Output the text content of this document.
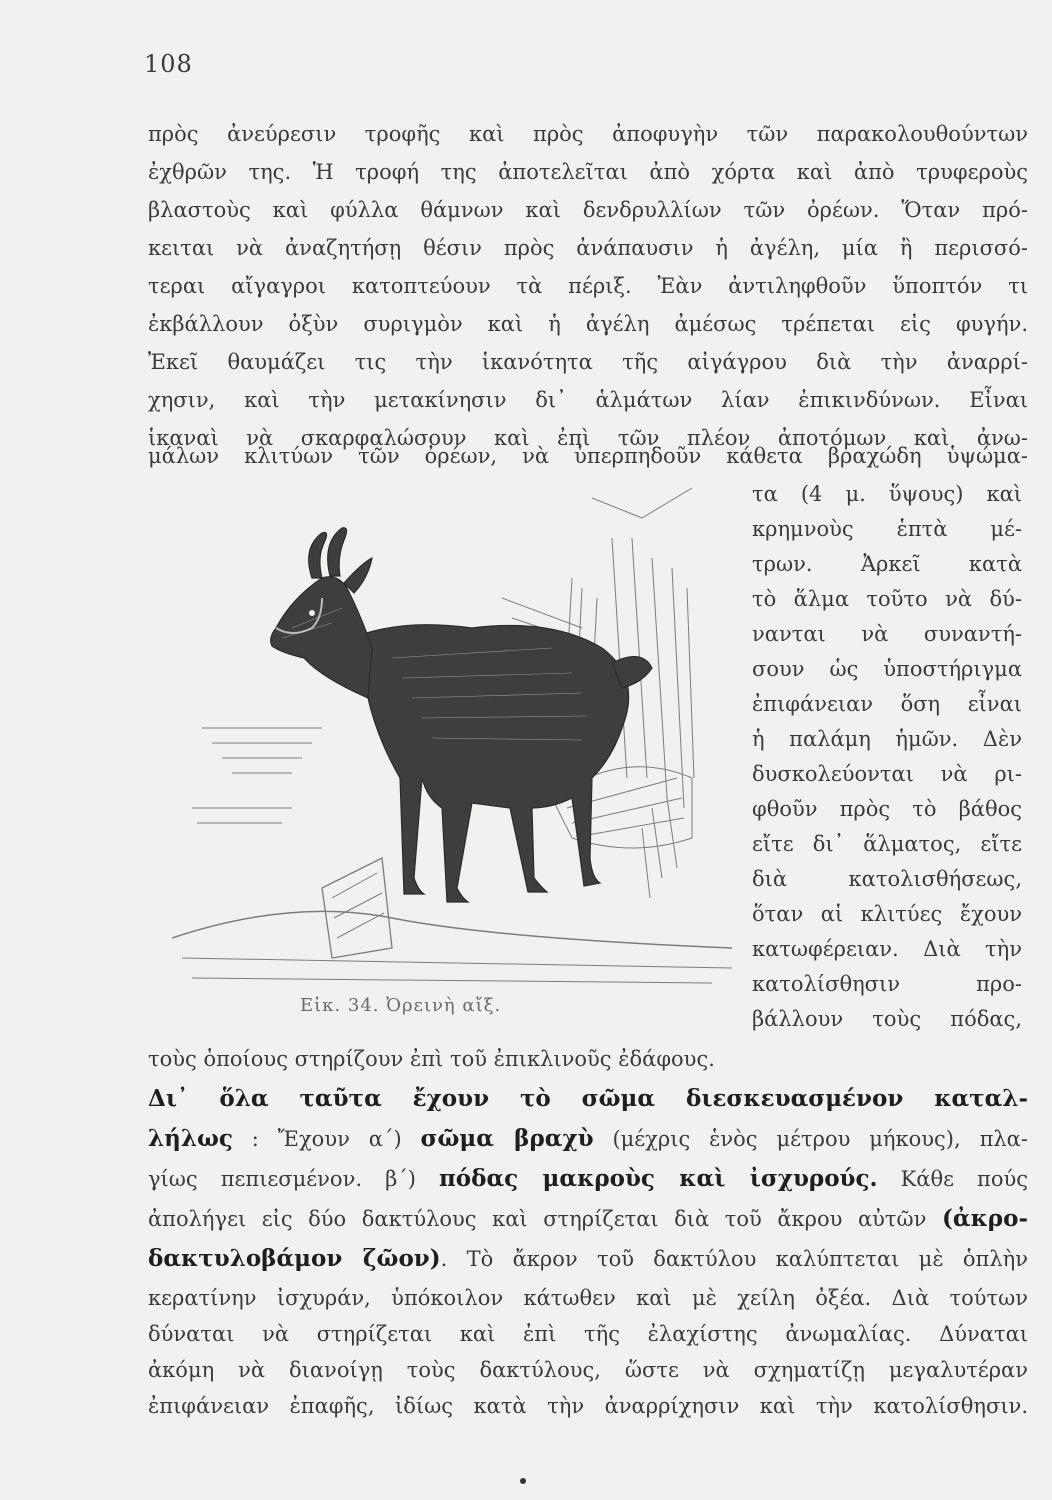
108
πρὸς ἀνεύρεσιν τροφῆς καὶ πρὸς ἀποφυγὴν τῶν παρακολουθούντων
ἐχθρῶν της. Ἡ τροφή της ἀποτελεῖται ἀπὸ χόρτα καὶ ἀπὸ τρυφεροὺς
βλαστοὺς καὶ φύλλα θάμνων καὶ δενδρυλλίων τῶν ὀρέων. Ὅταν πρό-
κειται νὰ ἀναζητήσῃ θέσιν πρὸς ἀνάπαυσιν ἡ ἀγέλη, μία ἢ περισσό-
τεραι αἴγαγροι κατοπτεύουν τὰ πέριξ. Ἐὰν ἀντιληφθοῦν ὕποπτόν τι
ἐκβάλλουν ὀξὺν συριγμὸν καὶ ἡ ἀγέλη ἀμέσως τρέπεται εἰς φυγήν.
Ἐκεῖ θαυμάζει τις τὴν ἱκανότητα τῆς αἰγάγρου διὰ τὴν ἀναρρί-
χησιν, καὶ τὴν μετακίνησιν δι᾿ ἁλμάτων λίαν ἐπικινδύνων. Εἶναι
ἱκαναὶ νὰ σκαρφαλώσουν καὶ ἐπὶ τῶν πλέον ἀποτόμων καὶ ἀνω-
μάλων κλιτύων τῶν ὀρέων, νὰ ὑπερπηδοῦν κάθετα βραχώδη ὑψώμα-
τα (4 μ. ὕψους) καὶ
κρημνοὺς ἑπτὰ μέ-
τρων. Ἀρκεῖ κατὰ
τὸ ἅλμα τοῦτο νὰ δύ-
νανται νὰ συναντή-
σουν ὡς ὑποστήριγμα
ἐπιφάνειαν ὅση εἶναι
ἡ παλάμη ἡμῶν. Δὲν
δυσκολεύονται νὰ ρι-
φθοῦν πρὸς τὸ βάθος
εἴτε δι᾿ ἅλματος, εἴτε
διὰ κατολισθήσεως,
ὅταν αἱ κλιτύες ἔχουν
κατωφέρειαν. Διὰ τὴν
κατολίσθησιν προ-
βάλλουν τοὺς πόδας,
Εἰκ. 34. Ὀρεινὴ αἴξ.
τοὺς ὁποίους στηρίζουν ἐπὶ τοῦ ἐπικλινοῦς ἐδάφους.
Δι᾿ ὅλα ταῦτα ἔχουν τὸ σῶμα διεσκευασμένον καταλ-
λήλως : Ἔχουν α´) σῶμα βραχὺ (μέχρις ἑνὸς μέτρου μήκους), πλα-
γίως πεπιεσμένον. β´) πόδας μακροὺς καὶ ἰσχυρούς. Κάθε πούς
ἀπολήγει εἰς δύο δακτύλους καὶ στηρίζεται διὰ τοῦ ἄκρου αὐτῶν (ἀκρο-
δακτυλοβάμον ζῶον). Τὸ ἄκρον τοῦ δακτύλου καλύπτεται μὲ ὁπλὴν
κερατίνην ἰσχυράν, ὑπόκοιλον κάτωθεν καὶ μὲ χείλη ὀξέα. Διὰ τούτων
δύναται νὰ στηρίζεται καὶ ἐπὶ τῆς ἐλαχίστης ἀνωμαλίας. Δύναται
ἀκόμη νὰ διανοίγῃ τοὺς δακτύλους, ὥστε νὰ σχηματίζῃ μεγαλυτέραν
ἐπιφάνειαν ἐπαφῆς, ἰδίως κατὰ τὴν ἀναρρίχησιν καὶ τὴν κατολίσθησιν.
